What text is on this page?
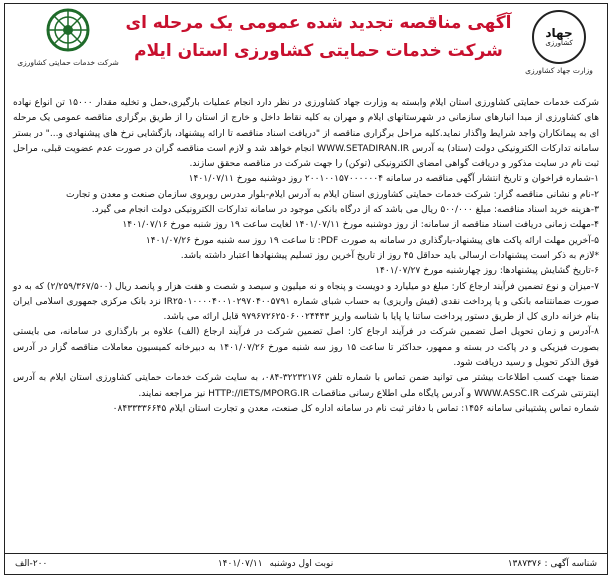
جهاد
کشاورزی
وزارت جهاد کشاورزی
آگهی مناقصه تجدید شده عمومی یک مرحله ای
شرکت خدمات حمایتی کشاورزی استان ایلام
شرکت خدمات حمایتی کشاورزی

شرکت خدمات حمایتی کشاورزی استان ایلام وابسته به وزارت جهاد کشاورزی در نظر دارد انجام عملیات بارگیری،حمل و تخلیه مقدار ۱۵۰۰۰ تن انواع نهاده های کشاورزی از مبدا انبارهای سازمانی در شهرستانهای ایلام و مهران به کلیه نقاط داخل و خارج از استان را از طریق برگزاری مناقصه عمومی یک مرحله ای به پیمانکاران واجد شرایط واگذار نماید.کلیه مراحل برگزاری مناقصه از "دریافت اسناد مناقصه تا ارائه پیشنهاد، بازگشایی نرخ های پیشنهادی و..." در بستر سامانه تدارکات الکترونیکی دولت (ستاد) به آدرس WWW.SETADIRAN.IR انجام خواهد شد و لازم است مناقصه گران در صورت عدم عضویت قبلی، مراحل ثبت نام در سایت مذکور و دریافت گواهی امضای الکترونیکی (توکن) را جهت شرکت در مناقصه محقق سازند.

۱-شماره فراخوان و تاریخ انتشار آگهی مناقصه در سامانه ۲۰۰۱۰۰۱۵۷۰۰۰۰۰۰۴ روز دوشنبه مورخ ۱۴۰۱/۰۷/۱۱

۲-نام و نشانی مناقصه گزار: شرکت خدمات حمایتی کشاورزی استان ایلام به آدرس ایلام-بلوار مدرس روبروی سازمان صنعت و معدن و تجارت

۳-هزینه خرید اسناد مناقصه: مبلغ ۵۰۰/۰۰۰ ریال می باشد که از درگاه بانکی موجود در سامانه تدارکات الکترونیکی دولت انجام می گیرد.

۴-مهلت زمانی دریافت اسناد مناقصه از سامانه: از روز دوشنبه مورخ ۱۴۰۱/۰۷/۱۱ لغایت ساعت ۱۹ روز شنبه مورخ ۱۴۰۱/۰۷/۱۶

۵-آخرین مهلت ارائه پاکت های پیشنهاد-بارگذاری در سامانه به صورت PDF: تا ساعت ۱۹ روز سه شنبه مورخ ۱۴۰۱/۰۷/۲۶

*لازم به ذکر است پیشنهادات ارسالی باید حداقل ۴۵ روز از تاریخ آخرین روز تسلیم پیشنهادها اعتبار داشته باشد.

۶-تاریخ گشایش پیشنهادها: روز چهارشنبه مورخ ۱۴۰۱/۰۷/۲۷

۷-میزان و نوع تضمین فرآیند ارجاع کار: مبلغ دو میلیارد و دویست و پنجاه و نه میلیون و سیصد و شصت و هفت هزار و پانصد ریال (۲/۲۵۹/۳۶۷/۵۰۰) که به دو صورت ضمانتنامه بانکی و یا پرداخت نقدی (فیش واریزی) به حساب شبای شماره IR۲۵۰۱۰۰۰۰۴۰۰۱۰۲۹۷۰۴۰۰۵۷۹۱ نزد بانک مرکزی جمهوری اسلامی ایران بنام خزانه داری کل از طریق دستور پرداخت ساتنا یا پایا با شناسه واریز ۹۷۹۶۷۲۶۲۵۰۶۰۰۲۴۴۴۳ قابل ارائه می باشد.

۸-آدرس و زمان تحویل اصل تضمین شرکت در فرآیند ارجاع کار: اصل تضمین شرکت در فرآیند ارجاع (الف) علاوه بر بارگذاری در سامانه، می بایستی بصورت فیزیکی و در پاکت در بسته و ممهور، حداکثر تا ساعت ۱۵ روز سه شنبه مورخ ۱۴۰۱/۰۷/۲۶ به دبیرخانه کمیسیون معاملات مناقصه گزار در آدرس فوق الذکر تحویل و رسید دریافت شود.

ضمنا جهت کسب اطلاعات بیشتر می توانید ضمن تماس با شماره تلفن ۳۲۲۳۲۱۷۶-۰۸۴، به سایت شرکت خدمات حمایتی کشاورزی استان ایلام به آدرس اینترنتی شرکت WWW.ASSC.IR و آدرس پایگاه ملی اطلاع رسانی مناقصات HTTP://IETS/MPORG.IR نیز مراجعه نمایند.

شماره تماس پشتیبانی سامانه ۱۴۵۶: تماس با دفاتر ثبت نام در سامانه اداره کل صنعت، معدن و تجارت استان ایلام ۰۸۴۳۳۳۳۶۶۴۵

شناسه آگهی : ۱۳۸۷۳۷۶
نوبت اول دوشنبه ۱۴۰۱/۰۷/۱۱
۲۰۰-الف
